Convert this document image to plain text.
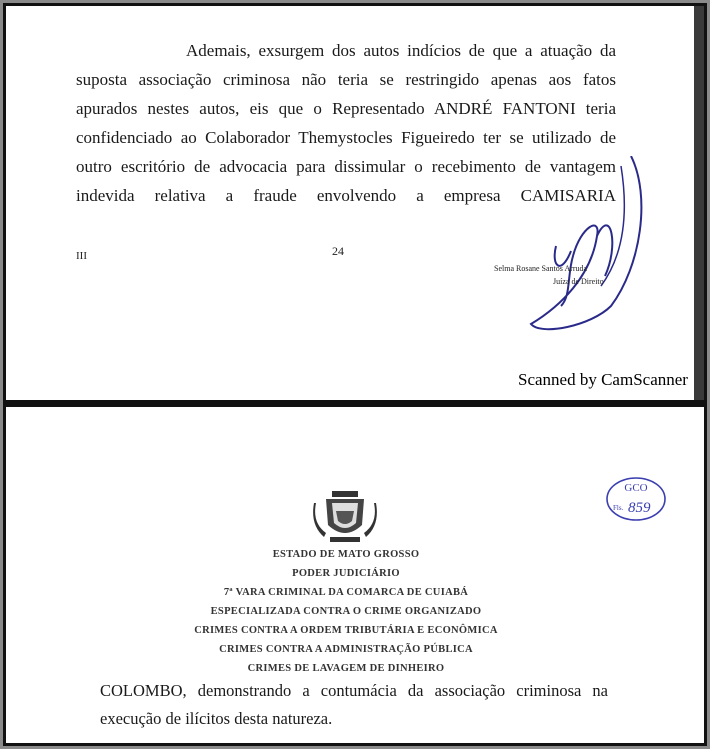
Ademais, exsurgem dos autos indícios de que a atuação da
suposta associação criminosa não teria se restringido apenas aos fatos
apurados nestes autos, eis que o Representado ANDRÉ FANTONI teria
confidenciado ao Colaborador Themystocles Figueiredo ter se utilizado de
outro escritório de advocacia para dissimular o recebimento de vantagem
indevida relativa a fraude envolvendo a empresa CAMISARIA
III	24
Selma Rosane Santos Arruda
Juíza de Direito
Scanned by CamScanner
GCO
Fls. 859
ESTADO DE MATO GROSSO
PODER JUDICIÁRIO
7ª VARA CRIMINAL DA COMARCA DE CUIABÁ
ESPECIALIZADA CONTRA O CRIME ORGANIZADO
CRIMES CONTRA A ORDEM TRIBUTÁRIA E ECONÔMICA
CRIMES CONTRA A ADMINISTRAÇÃO PÚBLICA
CRIMES DE LAVAGEM DE DINHEIRO
COLOMBO, demonstrando a contumácia da associação criminosa na
execução de ilícitos desta natureza.
